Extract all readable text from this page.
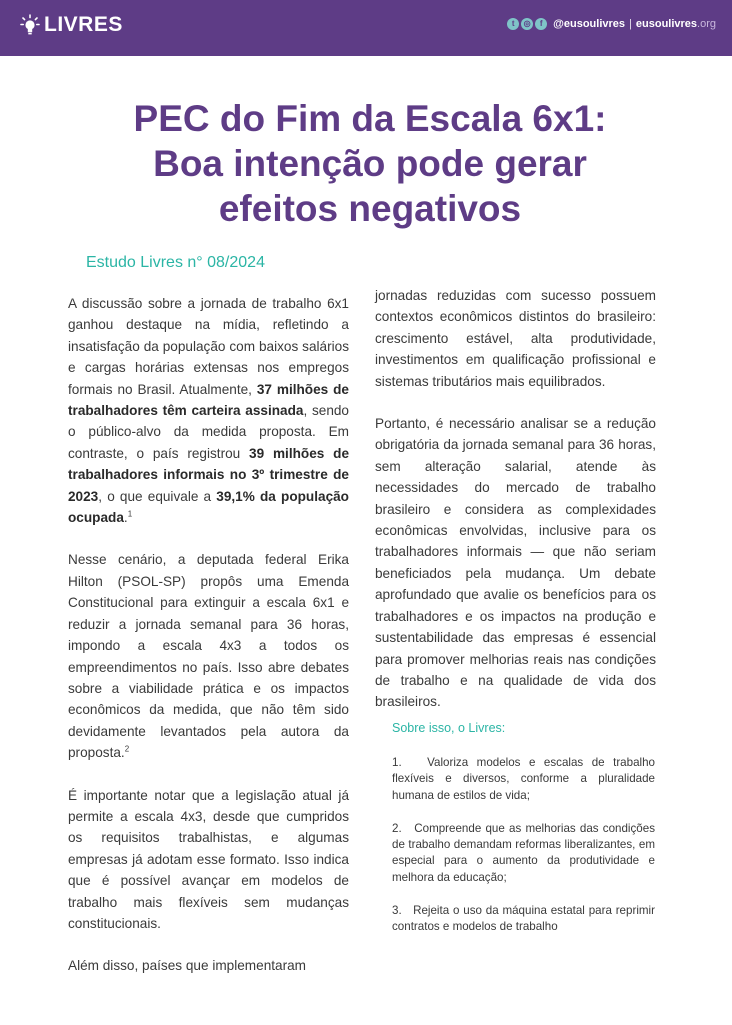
LIVRES	t	◎	f @eusoulivres | eusoulivres .org
PEC do Fim da Escala 6x1:
Boa intenção pode gerar
efeitos negativos
Estudo Livres n° 08/2024

A discussão sobre a jornada de trabalho 6x1 ganhou destaque na mídia, refletindo a insatisfação da população com baixos salários e cargas horárias extensas nos empregos formais no Brasil. Atualmente, 37 milhões de trabalhadores têm carteira assinada, sendo o público-alvo da medida proposta. Em contraste, o país registrou 39 milhões de trabalhadores informais no 3º trimestre de 2023, o que equivale a 39,1% da população ocupada.$^1$

Nesse cenário, a deputada federal Erika Hilton (PSOL-SP) propôs uma Emenda Constitucional para extinguir a escala 6x1 e reduzir a jornada semanal para 36 horas, impondo a escala 4x3 a todos os empreendimentos no país. Isso abre debates sobre a viabilidade prática e os impactos econômicos da medida, que não têm sido devidamente levantados pela autora da proposta.$^2$

É importante notar que a legislação atual já permite a escala 4x3, desde que cumpridos os requisitos trabalhistas, e algumas empresas já adotam esse formato. Isso indica que é possível avançar em modelos de trabalho mais flexíveis sem mudanças constitucionais.

Além disso, países que implementaram

jornadas reduzidas com sucesso possuem contextos econômicos distintos do brasileiro: crescimento estável, alta produtividade, investimentos em qualificação profissional e sistemas tributários mais equilibrados.

Portanto, é necessário analisar se a redução obrigatória da jornada semanal para 36 horas, sem alteração salarial, atende às necessidades do mercado de trabalho brasileiro e considera as complexidades econômicas envolvidas, inclusive para os trabalhadores informais — que não seriam beneficiados pela mudança. Um debate aprofundado que avalie os benefícios para os trabalhadores e os impactos na produção e sustentabilidade das empresas é essencial para promover melhorias reais nas condições de trabalho e na qualidade de vida dos brasileiros.

Sobre isso, o Livres:
1.   Valoriza modelos e escalas de trabalho flexíveis e diversos, conforme a pluralidade humana de estilos de vida;
2.   Compreende que as melhorias das condições de trabalho demandam reformas liberalizantes, em especial para o aumento da produtividade e melhora da educação;
3.   Rejeita o uso da máquina estatal para reprimir contratos e modelos de trabalho
